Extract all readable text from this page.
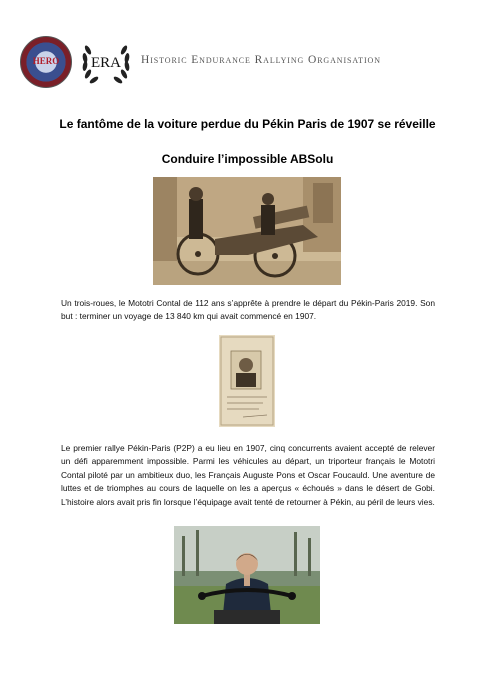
HERO	ERA Historic Endurance Rallying Organisation
Le fantôme de la voiture perdue du Pékin Paris de 1907 se réveille
Conduire l’impossible ABSolu
Un trois-roues, le Mototri Contal de 112 ans s’apprête à prendre le départ du Pékin-Paris 2019. Son but : terminer un voyage de 13 840 km qui avait commencé en 1907.
Le premier rallye Pékin-Paris (P2P) a eu lieu en 1907, cinq concurrents avaient accepté de relever un défi apparemment impossible. Parmi les véhicules au départ, un triporteur français le Mototri Contal piloté par un ambitieux duo, les Français Auguste Pons et Oscar Foucauld. Une aventure de luttes et de triomphes au cours de laquelle on les a aperçus « échoués » dans le désert de Gobi. L’histoire alors avait pris fin lorsque l’équipage avait tenté de retourner à Pékin, au péril de leurs vies.
